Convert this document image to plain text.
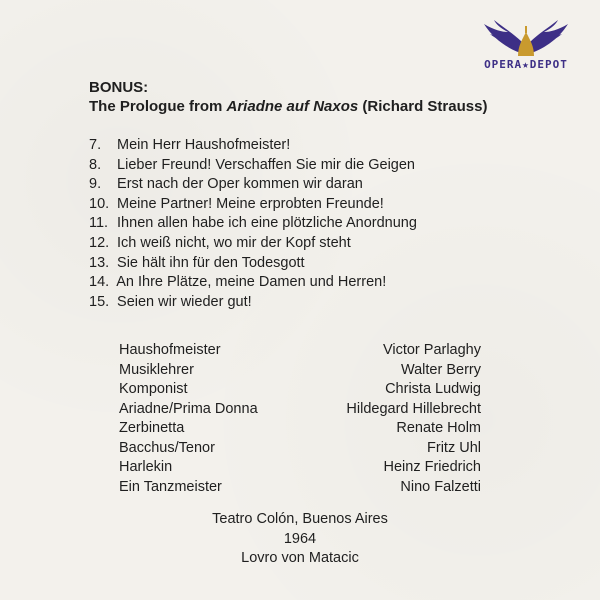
OPERA★DEPOT
BONUS:
The Prologue from Ariadne auf Naxos (Richard Strauss)
7. Mein Herr Haushofmeister!
8. Lieber Freund! Verschaffen Sie mir die Geigen
9. Erst nach der Oper kommen wir daran
10. Meine Partner! Meine erprobten Freunde!
11. Ihnen allen habe ich eine plötzliche Anordnung
12. Ich weiß nicht, wo mir der Kopf steht
13. Sie hält ihn für den Todesgott
14. An Ihre Plätze, meine Damen und Herren!
15. Seien wir wieder gut!
Haushofmeister	Victor Parlaghy
Musiklehrer	Walter Berry
Komponist	Christa Ludwig
Ariadne/Prima Donna	Hildegard Hillebrecht
Zerbinetta	Renate Holm
Bacchus/Tenor	Fritz Uhl
Harlekin	Heinz Friedrich
Ein Tanzmeister	Nino Falzetti
Teatro Colón, Buenos Aires
1964
Lovro von Matacic
